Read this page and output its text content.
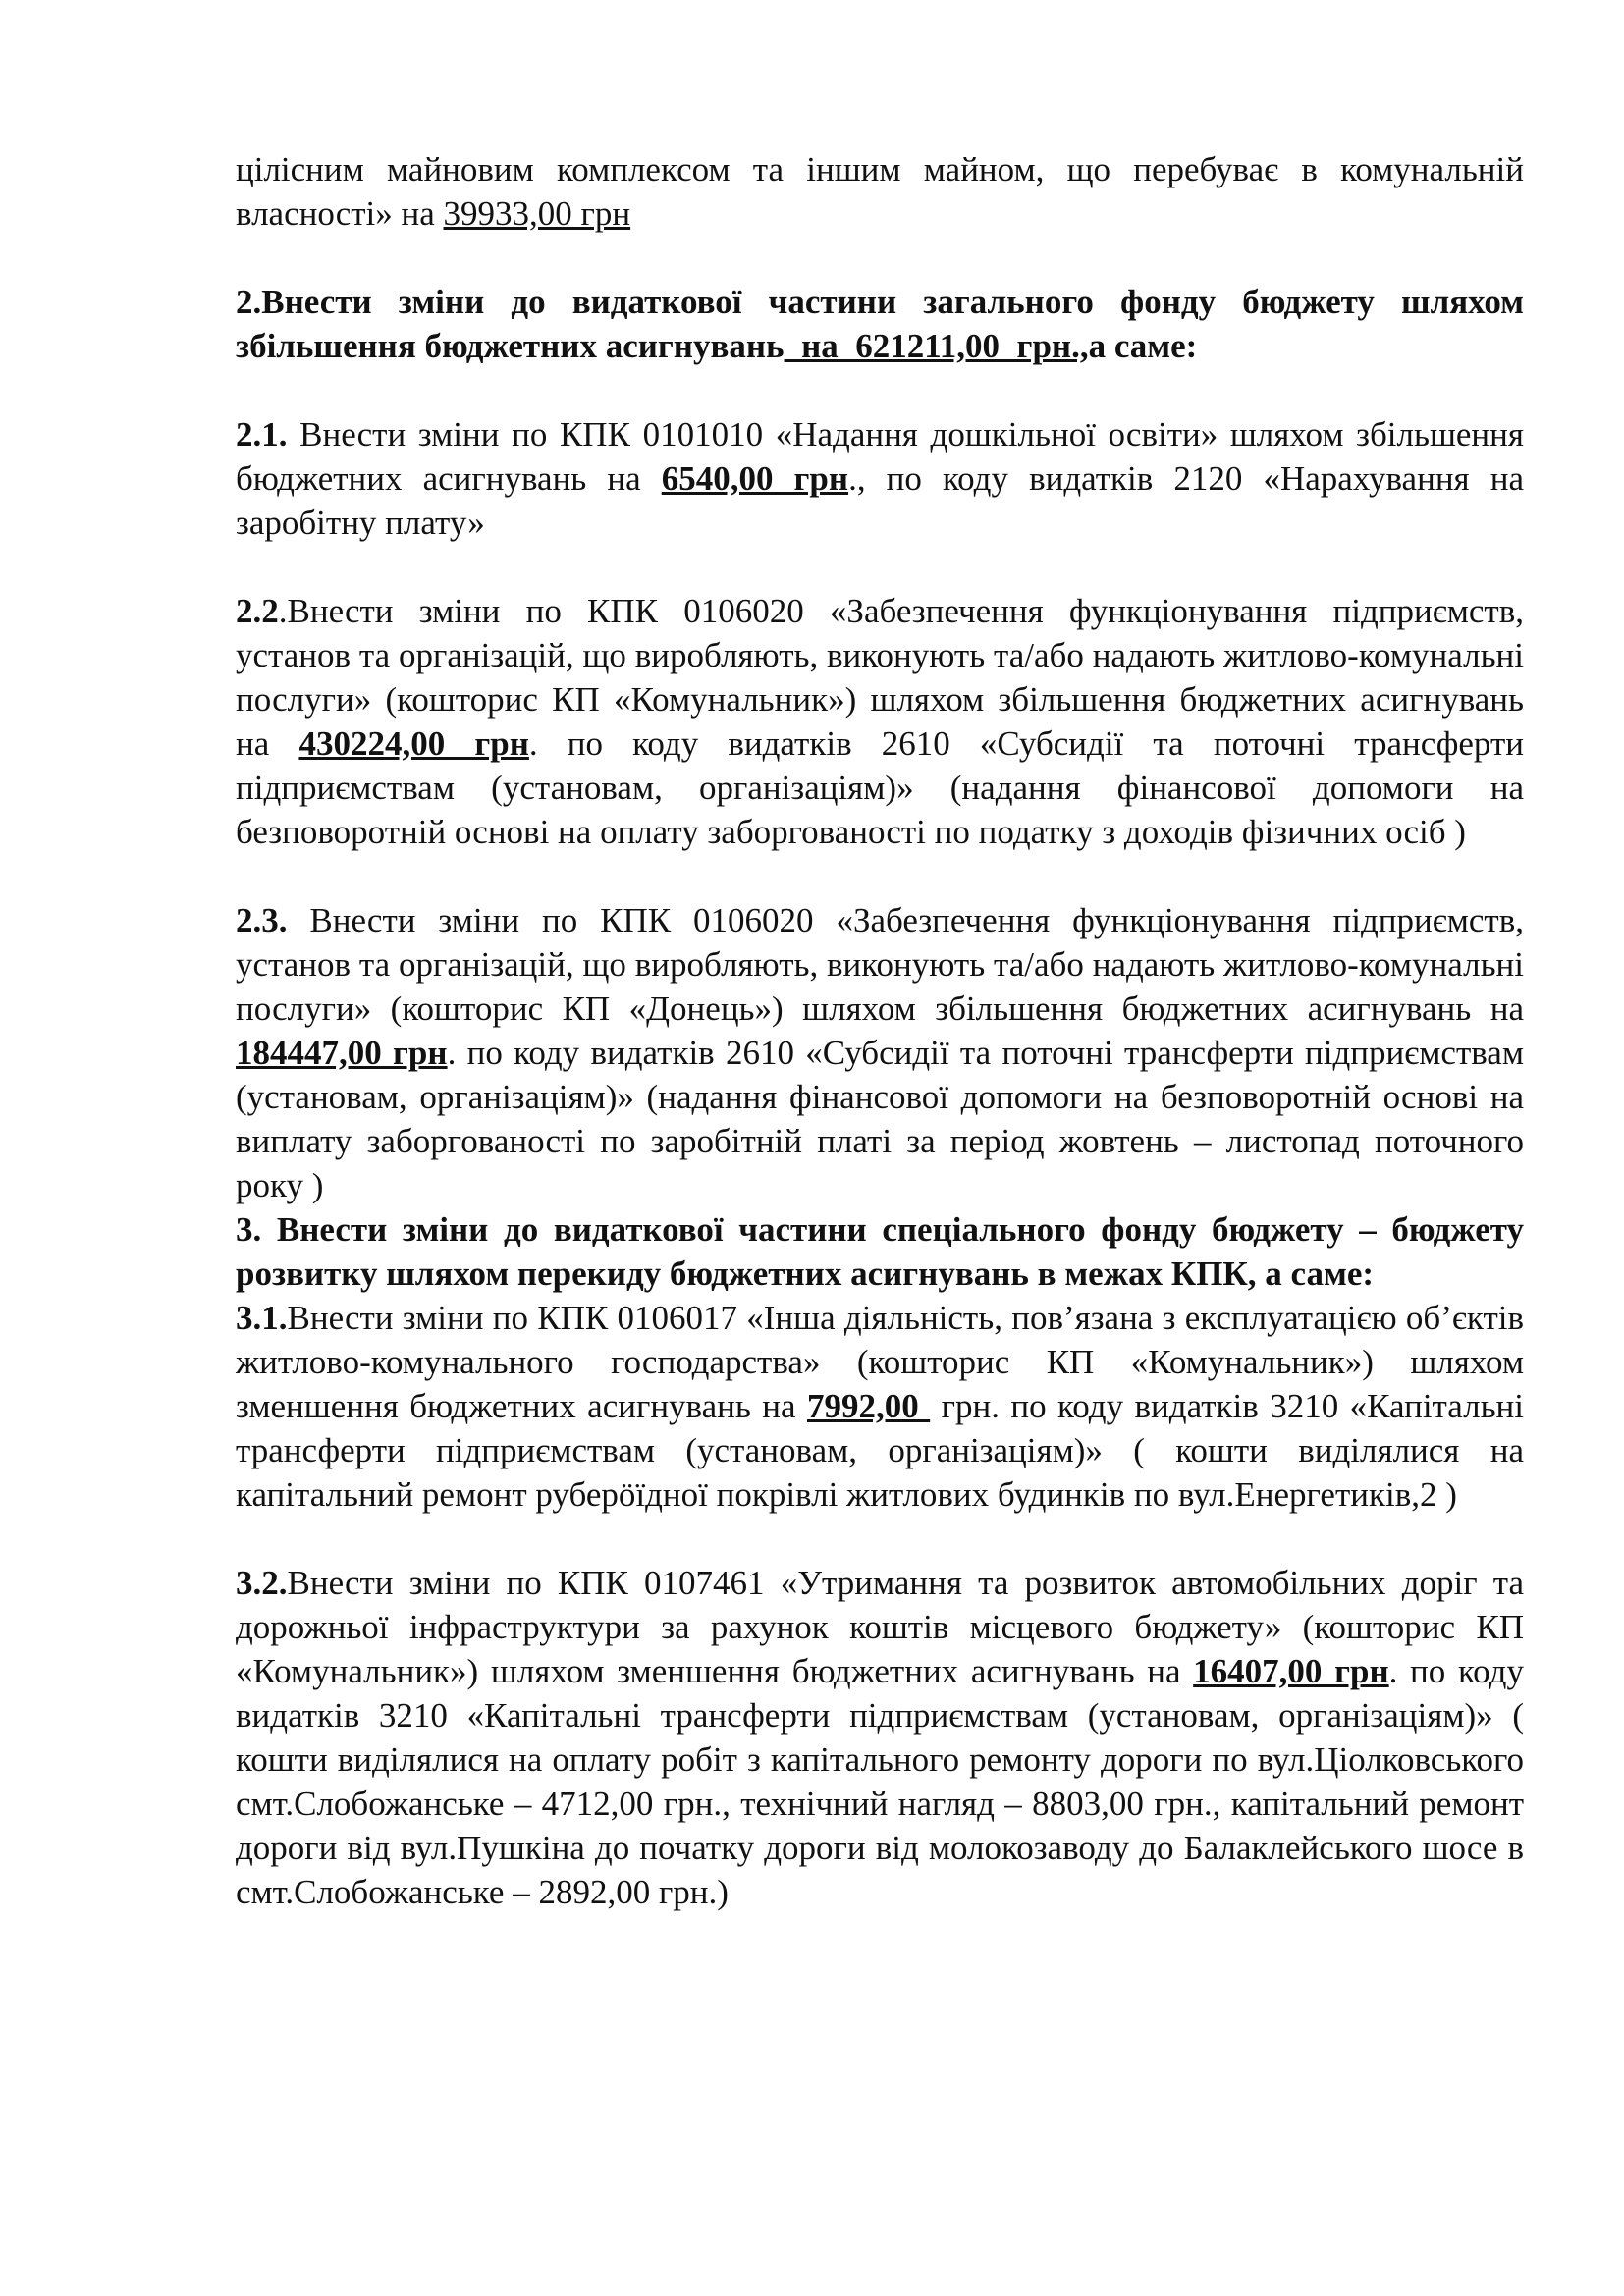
цілісним майновим комплексом та іншим майном, що перебуває в комунальній власності» на 39933,00 грн

2.Внести зміни до видаткової частини загального фонду бюджету шляхом збільшення бюджетних асигнувань  на  621211,00  грн.,а саме:

2.1. Внести зміни по КПК 0101010 «Надання дошкільної освіти» шляхом збільшення бюджетних асигнувань на 6540,00 грн., по коду видатків 2120 «Нарахування на заробітну плату»

2.2.Внести зміни по КПК 0106020 «Забезпечення функціонування підприємств, установ та організацій, що виробляють, виконують та/або надають житлово-комунальні послуги» (кошторис КП «Комунальник») шляхом збільшення бюджетних асигнувань на 430224,00 грн. по коду видатків 2610 «Субсидії та поточні трансферти підприємствам (установам, організаціям)» (надання фінансової допомоги на безповоротній основі на оплату заборгованості по податку з доходів фізичних осіб )

2.3. Внести зміни по КПК 0106020 «Забезпечення функціонування підприємств, установ та організацій, що виробляють, виконують та/або надають житлово-комунальні послуги» (кошторис КП «Донець») шляхом збільшення бюджетних асигнувань на 184447,00 грн. по коду видатків 2610 «Субсидії та поточні трансферти підприємствам (установам, організаціям)» (надання фінансової допомоги на безповоротній основі на виплату заборгованості по заробітній платі за період жовтень – листопад поточного року )

3. Внести зміни до видаткової частини спеціального фонду бюджету – бюджету розвитку шляхом перекиду бюджетних асигнувань в межах КПК, а саме:

3.1.Внести зміни по КПК 0106017 «Інша діяльність, пов’язана з експлуатацією об’єктів житлово-комунального господарства» (кошторис КП «Комунальник») шляхом зменшення бюджетних асигнувань на 7992,00  грн. по коду видатків 3210 «Капітальні трансферти підприємствам (установам, організаціям)» ( кошти виділялися на капітальний ремонт руберöїдної покрівлі житлових будинків по вул.Енергетиків,2 )

3.2.Внести зміни по КПК 0107461 «Утримання та розвиток автомобільних доріг та дорожньої інфраструктури за рахунок коштів місцевого бюджету» (кошторис КП «Комунальник») шляхом зменшення бюджетних асигнувань на 16407,00 грн. по коду видатків 3210 «Капітальні трансферти підприємствам (установам, організаціям)» ( кошти виділялися на оплату робіт з капітального ремонту дороги по вул.Ціолковського смт.Слобожанське – 4712,00 грн., технічний нагляд – 8803,00 грн., капітальний ремонт дороги від вул.Пушкіна до початку дороги від молокозаводу до Балаклейського шосе в смт.Слобожанське – 2892,00 грн.)
